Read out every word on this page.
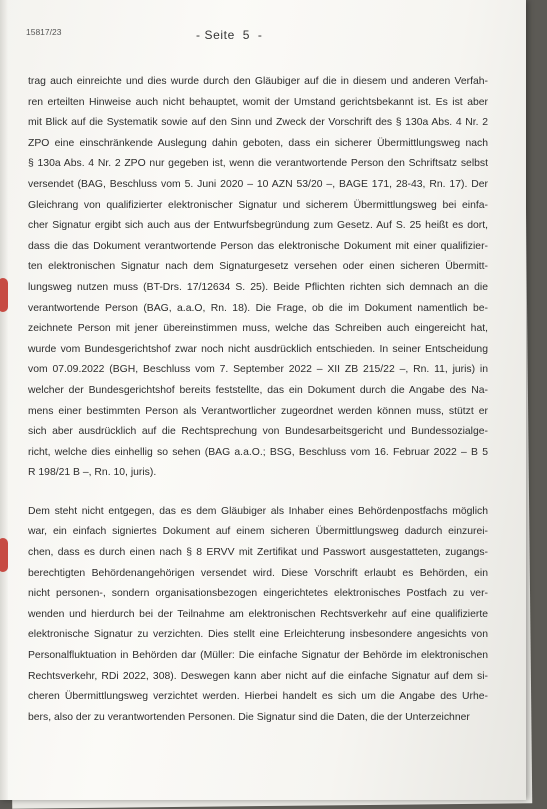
15817/23	- Seite  5  -
trag auch einreichte und dies wurde durch den Gläubiger auf die in diesem und anderen Verfah-
ren erteilten Hinweise auch nicht behauptet, womit der Umstand gerichtsbekannt ist. Es ist aber
mit Blick auf die Systematik sowie auf den Sinn und Zweck der Vorschrift des § 130a Abs. 4 Nr. 2
ZPO eine einschränkende Auslegung dahin geboten, dass ein sicherer Übermittlungsweg nach
§ 130a Abs. 4 Nr. 2 ZPO nur gegeben ist, wenn die verantwortende Person den Schriftsatz selbst
versendet (BAG, Beschluss vom 5. Juni 2020 – 10 AZN 53/20 –, BAGE 171, 28-43, Rn. 17). Der
Gleichrang von qualifizierter elektronischer Signatur und sicherem Übermittlungsweg bei einfa-
cher Signatur ergibt sich auch aus der Entwurfsbegründung zum Gesetz. Auf S. 25 heißt es dort,
dass die das Dokument verantwortende Person das elektronische Dokument mit einer qualifizier-
ten elektronischen Signatur nach dem Signaturgesetz versehen oder einen sicheren Übermitt-
lungsweg nutzen muss (BT-Drs. 17/12634 S. 25). Beide Pflichten richten sich demnach an die
verantwortende Person (BAG, a.a.O, Rn. 18). Die Frage, ob die im Dokument namentlich be-
zeichnete Person mit jener übereinstimmen muss, welche das Schreiben auch eingereicht hat,
wurde vom Bundesgerichtshof zwar noch nicht ausdrücklich entschieden. In seiner Entscheidung
vom 07.09.2022 (BGH, Beschluss vom 7. September 2022 – XII ZB 215/22 –, Rn. 11, juris) in
welcher der Bundesgerichtshof bereits feststellte, das ein Dokument durch die Angabe des Na-
mens einer bestimmten Person als Verantwortlicher zugeordnet werden können muss, stützt er
sich aber ausdrücklich auf die Rechtsprechung von Bundesarbeitsgericht und Bundessozialge-
richt, welche dies einhellig so sehen (BAG a.a.O.; BSG, Beschluss vom 16. Februar 2022 – B 5
R 198/21 B –, Rn. 10, juris).
Dem steht nicht entgegen, das es dem Gläubiger als Inhaber eines Behördenpostfachs möglich
war, ein einfach signiertes Dokument auf einem sicheren Übermittlungsweg dadurch einzurei-
chen, dass es durch einen nach § 8 ERVV mit Zertifikat und Passwort ausgestatteten, zugangs-
berechtigten Behördenangehörigen versendet wird. Diese Vorschrift erlaubt es Behörden, ein
nicht personen-, sondern organisationsbezogen eingerichtetes elektronisches Postfach zu ver-
wenden und hierdurch bei der Teilnahme am elektronischen Rechtsverkehr auf eine qualifizierte
elektronische Signatur zu verzichten. Dies stellt eine Erleichterung insbesondere angesichts von
Personalfluktuation in Behörden dar (Müller: Die einfache Signatur der Behörde im elektronischen
Rechtsverkehr, RDi 2022, 308). Deswegen kann aber nicht auf die einfache Signatur auf dem si-
cheren Übermittlungsweg verzichtet werden. Hierbei handelt es sich um die Angabe des Urhe-
bers, also der zu verantwortenden Personen. Die Signatur sind die Daten, die der Unterzeichner
